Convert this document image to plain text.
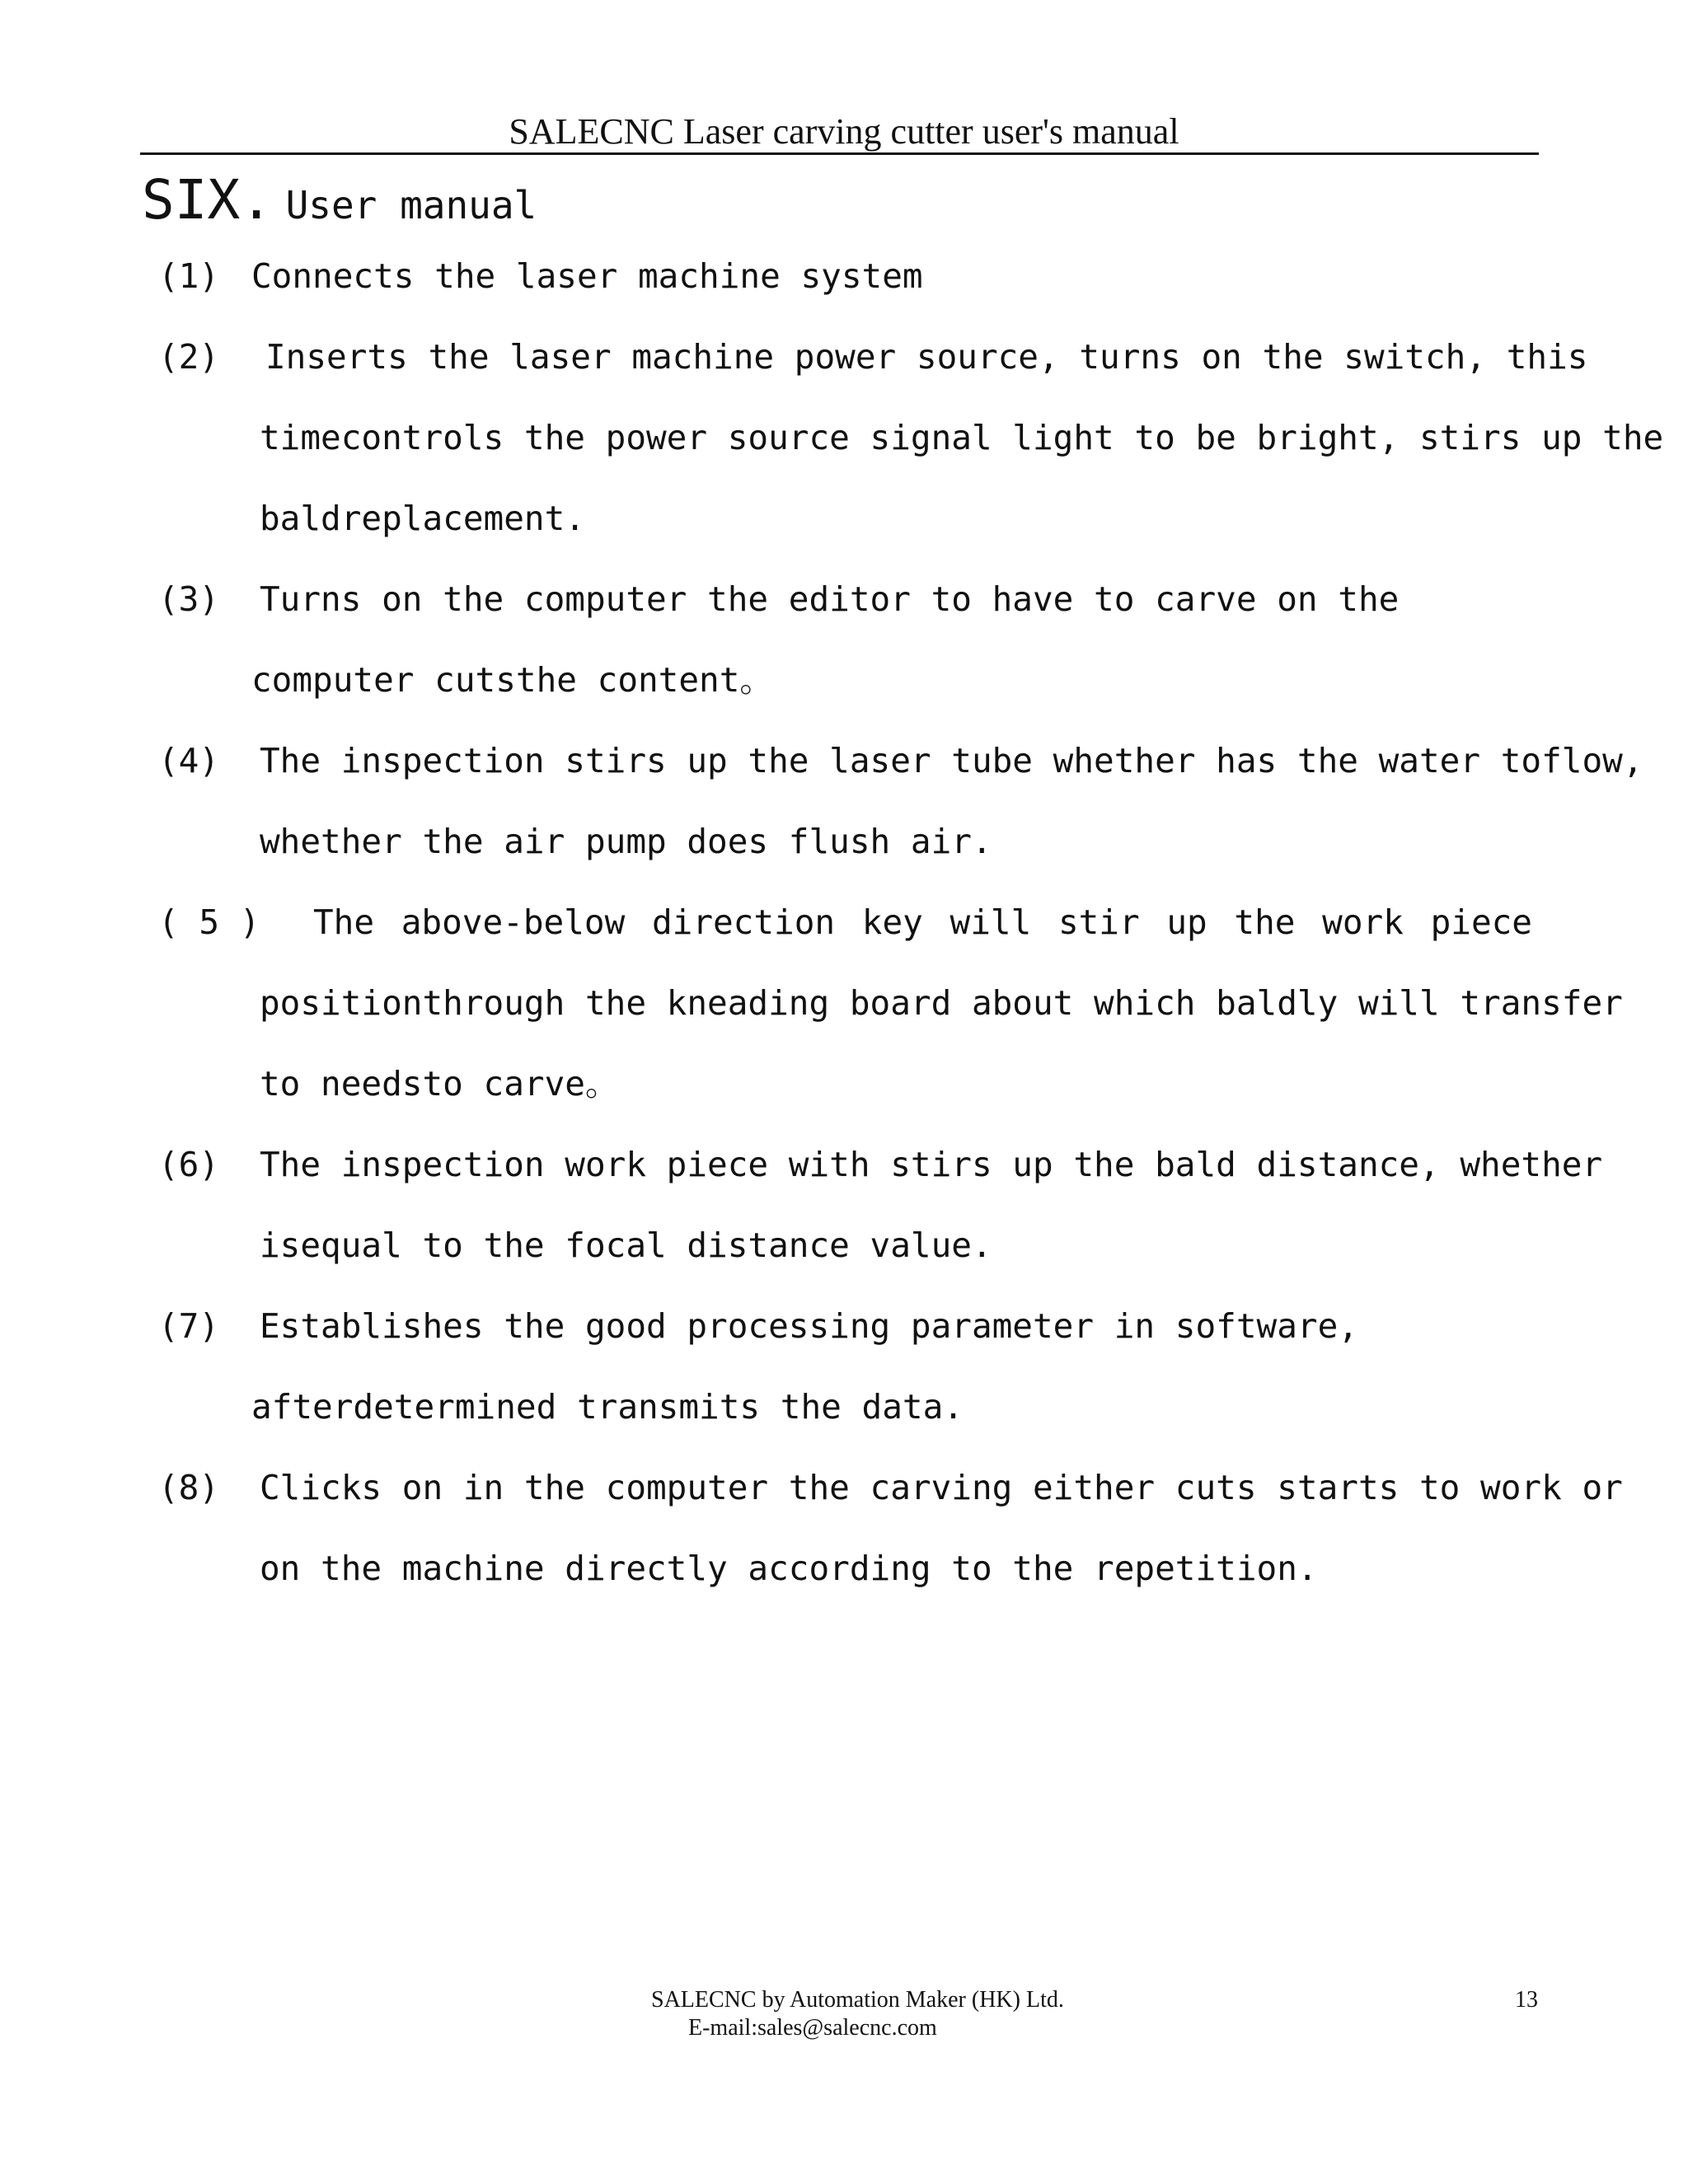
SALECNC Laser carving cutter user's manual
SIX. User manual
(1) Connects the laser machine system
(2) Inserts the laser machine power source, turns on the switch, this
timecontrols the power source signal light to be bright, stirs up the
baldreplacement.
(3) Turns on the computer the editor to have to carve on the
computer cutsthe content。
(4) The inspection stirs up the laser tube whether has the water toflow,
whether the air pump does flush air.
( 5 ) The above-below direction key will stir up the work piece
positionthrough the kneading board about which baldly will transfer
to needsto carve。
(6) The inspection work piece with stirs up the bald distance, whether
isequal to the focal distance value.
(7) Establishes the good processing parameter in software,
afterdetermined transmits the data.
(8) Clicks on in the computer the carving either cuts starts to work or
on the machine directly according to the repetition.
SALECNC by Automation Maker (HK) Ltd.
E-mail:sales@salecnc.com
13
